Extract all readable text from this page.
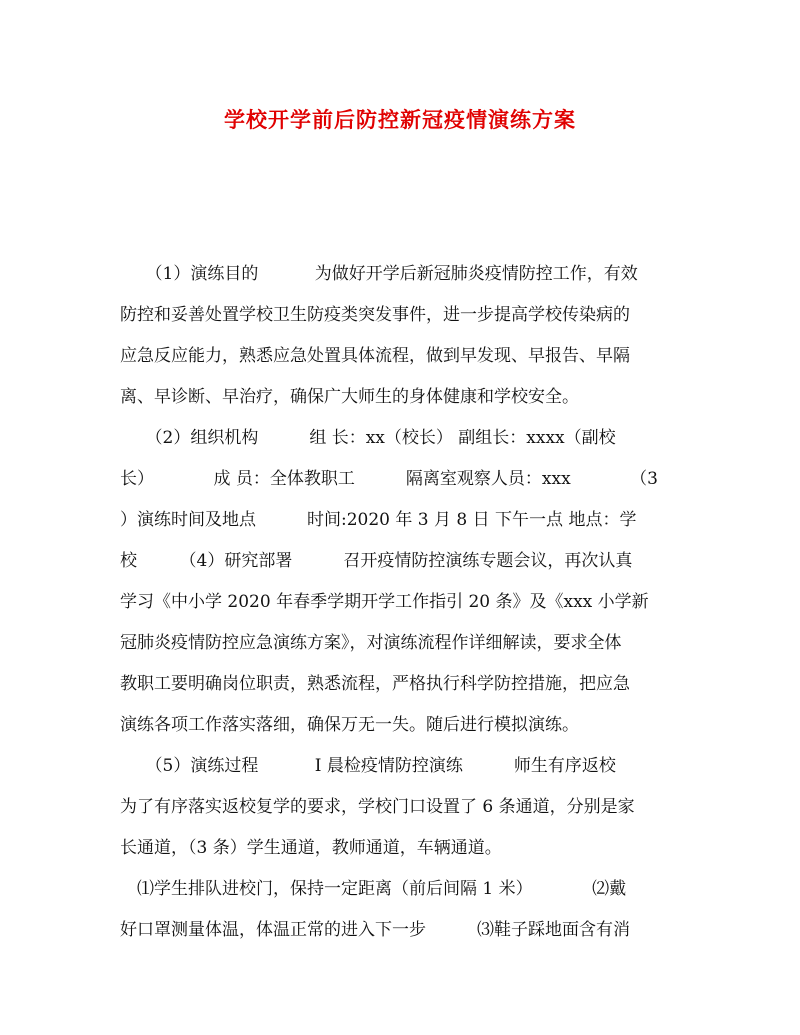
学校开学前后防控新冠疫情演练方案
　　（1）演练目的　　　 为做好开学后新冠肺炎疫情防控工作，有效
防控和妥善处置学校卫生防疫类突发事件，进一步提高学校传染病的
应急反应能力，熟悉应急处置具体流程，做到早发现、早报告、早隔
离、早诊断、早治疗，确保广大师生的身体健康和学校安全。
　　（2）组织机构　　　组 长：xx（校长） 副组长：xxxx（副校
长）　　　　成 员：全体教职工　　　隔离室观察人员：xxx　　　　（3
）演练时间及地点　　　时间:2020 年 3 月 8 日 下午一点 地点：学
校　　　（4）研究部署　　　召开疫情防控演练专题会议，再次认真
学习《中小学 2020 年春季学期开学工作指引 20 条》及《xxx 小学新
冠肺炎疫情防控应急演练方案》，对演练流程作详细解读，要求全体
教职工要明确岗位职责，熟悉流程，严格执行科学防控措施，把应急
演练各项工作落实落细，确保万无一失。随后进行模拟演练。
　　（5）演练过程　　　 Ⅰ 晨检疫情防控演练　　　师生有序返校
为了有序落实返校复学的要求，学校门口设置了 6 条通道，分别是家
长通道，（3 条）学生通道，教师通道，车辆通道。
　⑴学生排队进校门，保持一定距离（前后间隔 1 米）　　　　⑵戴
好口罩测量体温，体温正常的进入下一步　　　⑶鞋子踩地面含有消
